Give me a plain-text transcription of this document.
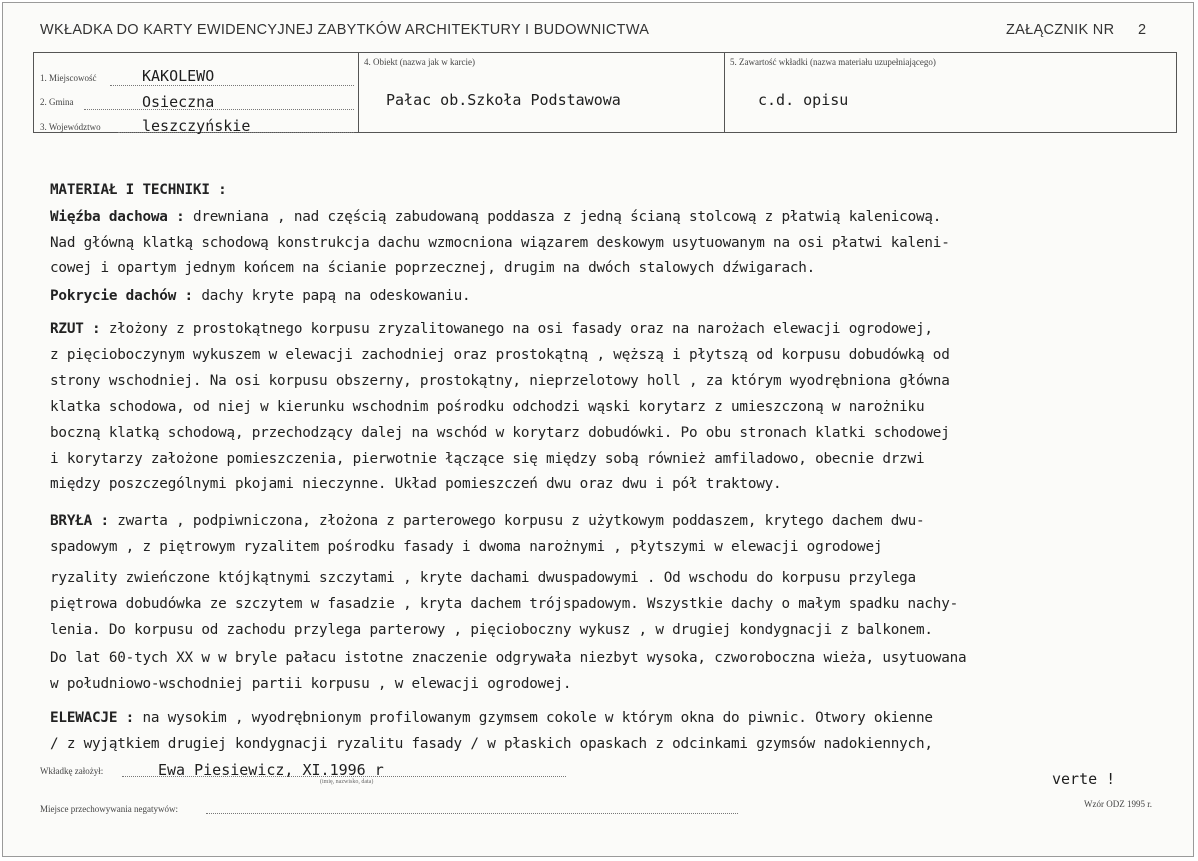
WKŁADKA DO KARTY EWIDENCYJNEJ ZABYTKÓW ARCHITEKTURY I BUDOWNICTWA	ZAŁĄCZNIK NR 2
1. Miejscowość	KAKOLEWO
2. Gmina	Osieczna
3. Województwo	leszczyńskie
4. Obiekt (nazwa jak w karcie)
Pałac ob.Szkoła Podstawowa
5. Zawartość wkładki (nazwa materiału uzupełniającego)
c.d. opisu
MATERIAŁ I TECHNIKI :
Więźba dachowa : drewniana , nad częścią zabudowaną poddasza z jedną ścianą stolcową z płatwią kalenicową.
Nad główną klatką schodową konstrukcja dachu wzmocniona wiązarem deskowym usytuowanym na osi płatwi kaleni-
cowej i opartym jednym końcem na ścianie poprzecznej, drugim na dwóch stalowych dźwigarach.
Pokrycie dachów : dachy kryte papą na odeskowaniu.
RZUT : złożony z prostokątnego korpusu zryzalitowanego na osi fasady oraz na narożach elewacji ogrodowej,
z pięcioboczynym wykuszem w elewacji zachodniej oraz prostokątną , węższą i płytszą od korpusu dobudówką od
strony wschodniej. Na osi korpusu obszerny, prostokątny, nieprzelotowy holl , za którym wyodrębniona główna
klatka schodowa, od niej w kierunku wschodnim pośrodku odchodzi wąski korytarz z umieszczoną w narożniku
boczną klatką schodową, przechodzący dalej na wschód w korytarz dobudówki. Po obu stronach klatki schodowej
i korytarzy założone pomieszczenia, pierwotnie łączące się między sobą również amfiladowo, obecnie drzwi
między poszczególnymi pkojami nieczynne. Układ pomieszczeń dwu oraz dwu i pół traktowy.
BRYŁA : zwarta , podpiwniczona, złożona z parterowego korpusu z użytkowym poddaszem, krytego dachem dwu-
spadowym , z piętrowym ryzalitem pośrodku fasady i dwoma narożnymi , płytszymi w elewacji ogrodowej
ryzality zwieńczone któjkątnymi szczytami , kryte dachami dwuspadowymi . Od wschodu do korpusu przylega
piętrowa dobudówka ze szczytem w fasadzie , kryta dachem trójspadowym. Wszystkie dachy o małym spadku nachy-
lenia. Do korpusu od zachodu przylega parterowy , pięcioboczny wykusz , w drugiej kondygnacji z balkonem.
Do lat 60-tych XX w w bryle pałacu istotne znaczenie odgrywała niezbyt wysoka, czworoboczna wieża, usytuowana
w południowo-wschodniej partii korpusu , w elewacji ogrodowej.
ELEWACJE : na wysokim , wyodrębnionym profilowanym gzymsem cokole w którym okna do piwnic. Otwory okienne
/ z wyjątkiem drugiej kondygnacji ryzalitu fasady / w płaskich opaskach z odcinkami gzymsów nadokiennych,
Wkładkę założył:	Ewa Piesiewicz, XI.1996 r
(imię, nazwisko, data)	verte !
Miejsce przechowywania negatywów:	Wzór ODZ 1995 r.
